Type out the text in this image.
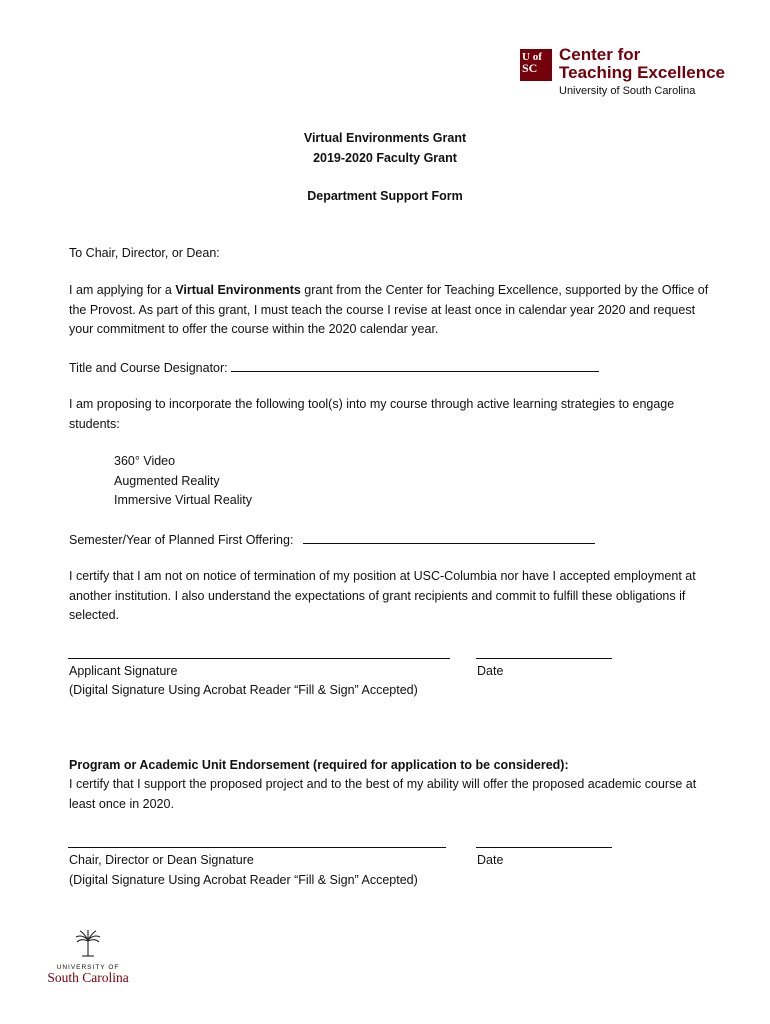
U of
SC
Center for
Teaching Excellence
University of South Carolina
Virtual Environments Grant
2019-2020 Faculty Grant
Department Support Form
To Chair, Director, or Dean:
I am applying for a Virtual Environments grant from the Center for Teaching Excellence, supported by the Office of the Provost. As part of this grant, I must teach the course I revise at least once in calendar year 2020 and request your commitment to offer the course within the 2020 calendar year.
Title and Course Designator:
I am proposing to incorporate the following tool(s) into my course through active learning strategies to engage students:
360° Video
Augmented Reality
Immersive Virtual Reality
Semester/Year of Planned First Offering:
I certify that I am not on notice of termination of my position at USC-Columbia nor have I accepted employment at another institution. I also understand the expectations of grant recipients and commit to fulfill these obligations if selected.
Applicant Signature
(Digital Signature Using Acrobat Reader “Fill & Sign” Accepted)
Date
Program or Academic Unit Endorsement (required for application to be considered):
I certify that I support the proposed project and to the best of my ability will offer the proposed academic course at least once in 2020.
Chair, Director or Dean Signature
(Digital Signature Using Acrobat Reader “Fill & Sign” Accepted)
Date
UNIVERSITY OF
South Carolina
